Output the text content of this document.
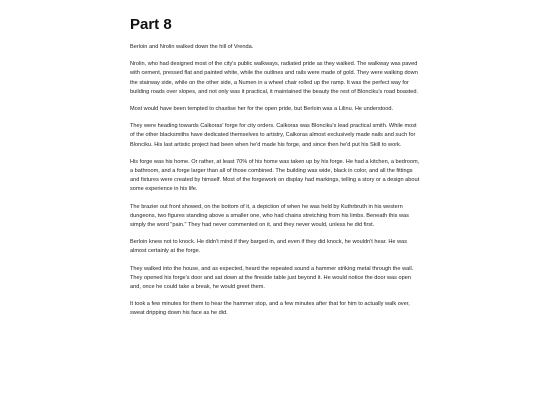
Part 8

Berloin and Nrolin walked down the hill of Vrenda.

Nrolin, who had designed most of the city's public walkways, radiated pride as they walked. The walkway was paved with cement, pressed flat and painted white, while the outlines and rails were made of gold. They were walking down the stairway side, while on the other side, a Numen in a wheel chair rolled up the ramp. It was the perfect way for building roads over slopes, and not only was it practical, it maintained the beauty the rest of Blonciku's road boasted.

Most would have been tempted to chastise her for the open pride, but Berloin was a Lilinu. He understood.

They were heading towards Calkoras' forge for city orders. Calkoras was Blonciku's lead practical smith. While most of the other blacksmiths have dedicated themselves to artistry, Calkoras almost exclusively made nails and such for Blonciku. His last artistic project had been when he'd made his forge, and since then he'd put his Skill to work.

His forge was his home. Or rather, at least 70% of his home was taken up by his forge. He had a kitchen, a bedroom, a bathroom, and a forge larger than all of those combined. The building was wide, black in color, and all the fittings and fixtures were created by himself. Most of the forgework on display had markings, telling a story or a design about some experience in his life.

The brazier out front showed, on the bottom of it, a depiction of when he was held by Kuthrbruth in his western dungeons, two figures standing above a smaller one, who had chains stretching from his limbs. Beneath this was simply the word "pain." They had never commented on it, and they never would, unless he did first.

Berloin knew not to knock. He didn't mind if they barged in, and even if they did knock, he wouldn't hear. He was almost certainly at the forge.

They walked into the house, and as expected, heard the repeated sound a hammer striking metal through the wall. They opened his forge's door and sat down at the fireside table just beyond it. He would notice the door was open and, once he could take a break, he would greet them.

It took a few minutes for them to hear the hammer stop, and a few minutes after that for him to actually walk over, sweat dripping down his face as he did.
